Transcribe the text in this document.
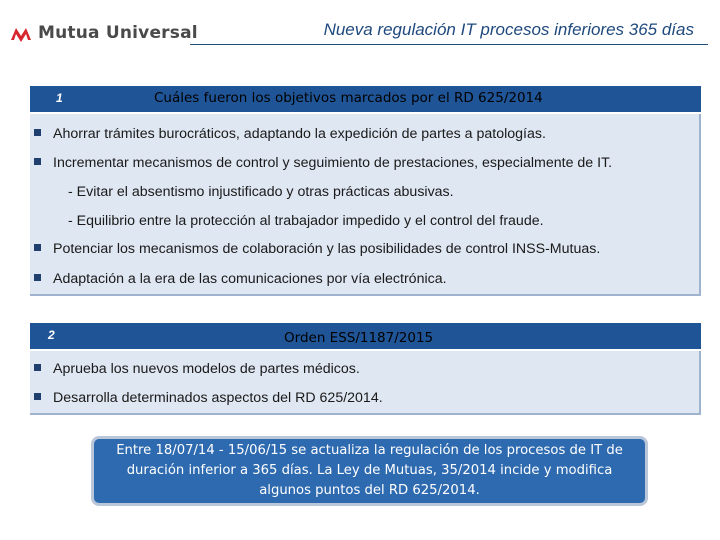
Mutua Universal	Nueva regulación IT procesos inferiores 365 días
1	Cuáles fueron los objetivos marcados por el RD 625/2014
Ahorrar trámites burocráticos, adaptando la expedición de partes a patologías.
Incrementar mecanismos de control y seguimiento de prestaciones, especialmente de IT.
- Evitar el absentismo injustificado y otras prácticas abusivas.
- Equilibrio entre la protección al trabajador impedido y el control del fraude.
Potenciar los mecanismos de colaboración y las posibilidades de control INSS-Mutuas.
Adaptación a la era de las comunicaciones por vía electrónica.
2	Orden ESS/1187/2015
Aprueba los nuevos modelos de partes médicos.
Desarrolla determinados aspectos del RD 625/2014.
Entre 18/07/14 - 15/06/15 se actualiza la regulación de los procesos de IT de duración inferior a 365 días. La Ley de Mutuas, 35/2014 incide y modifica algunos puntos del RD 625/2014.
